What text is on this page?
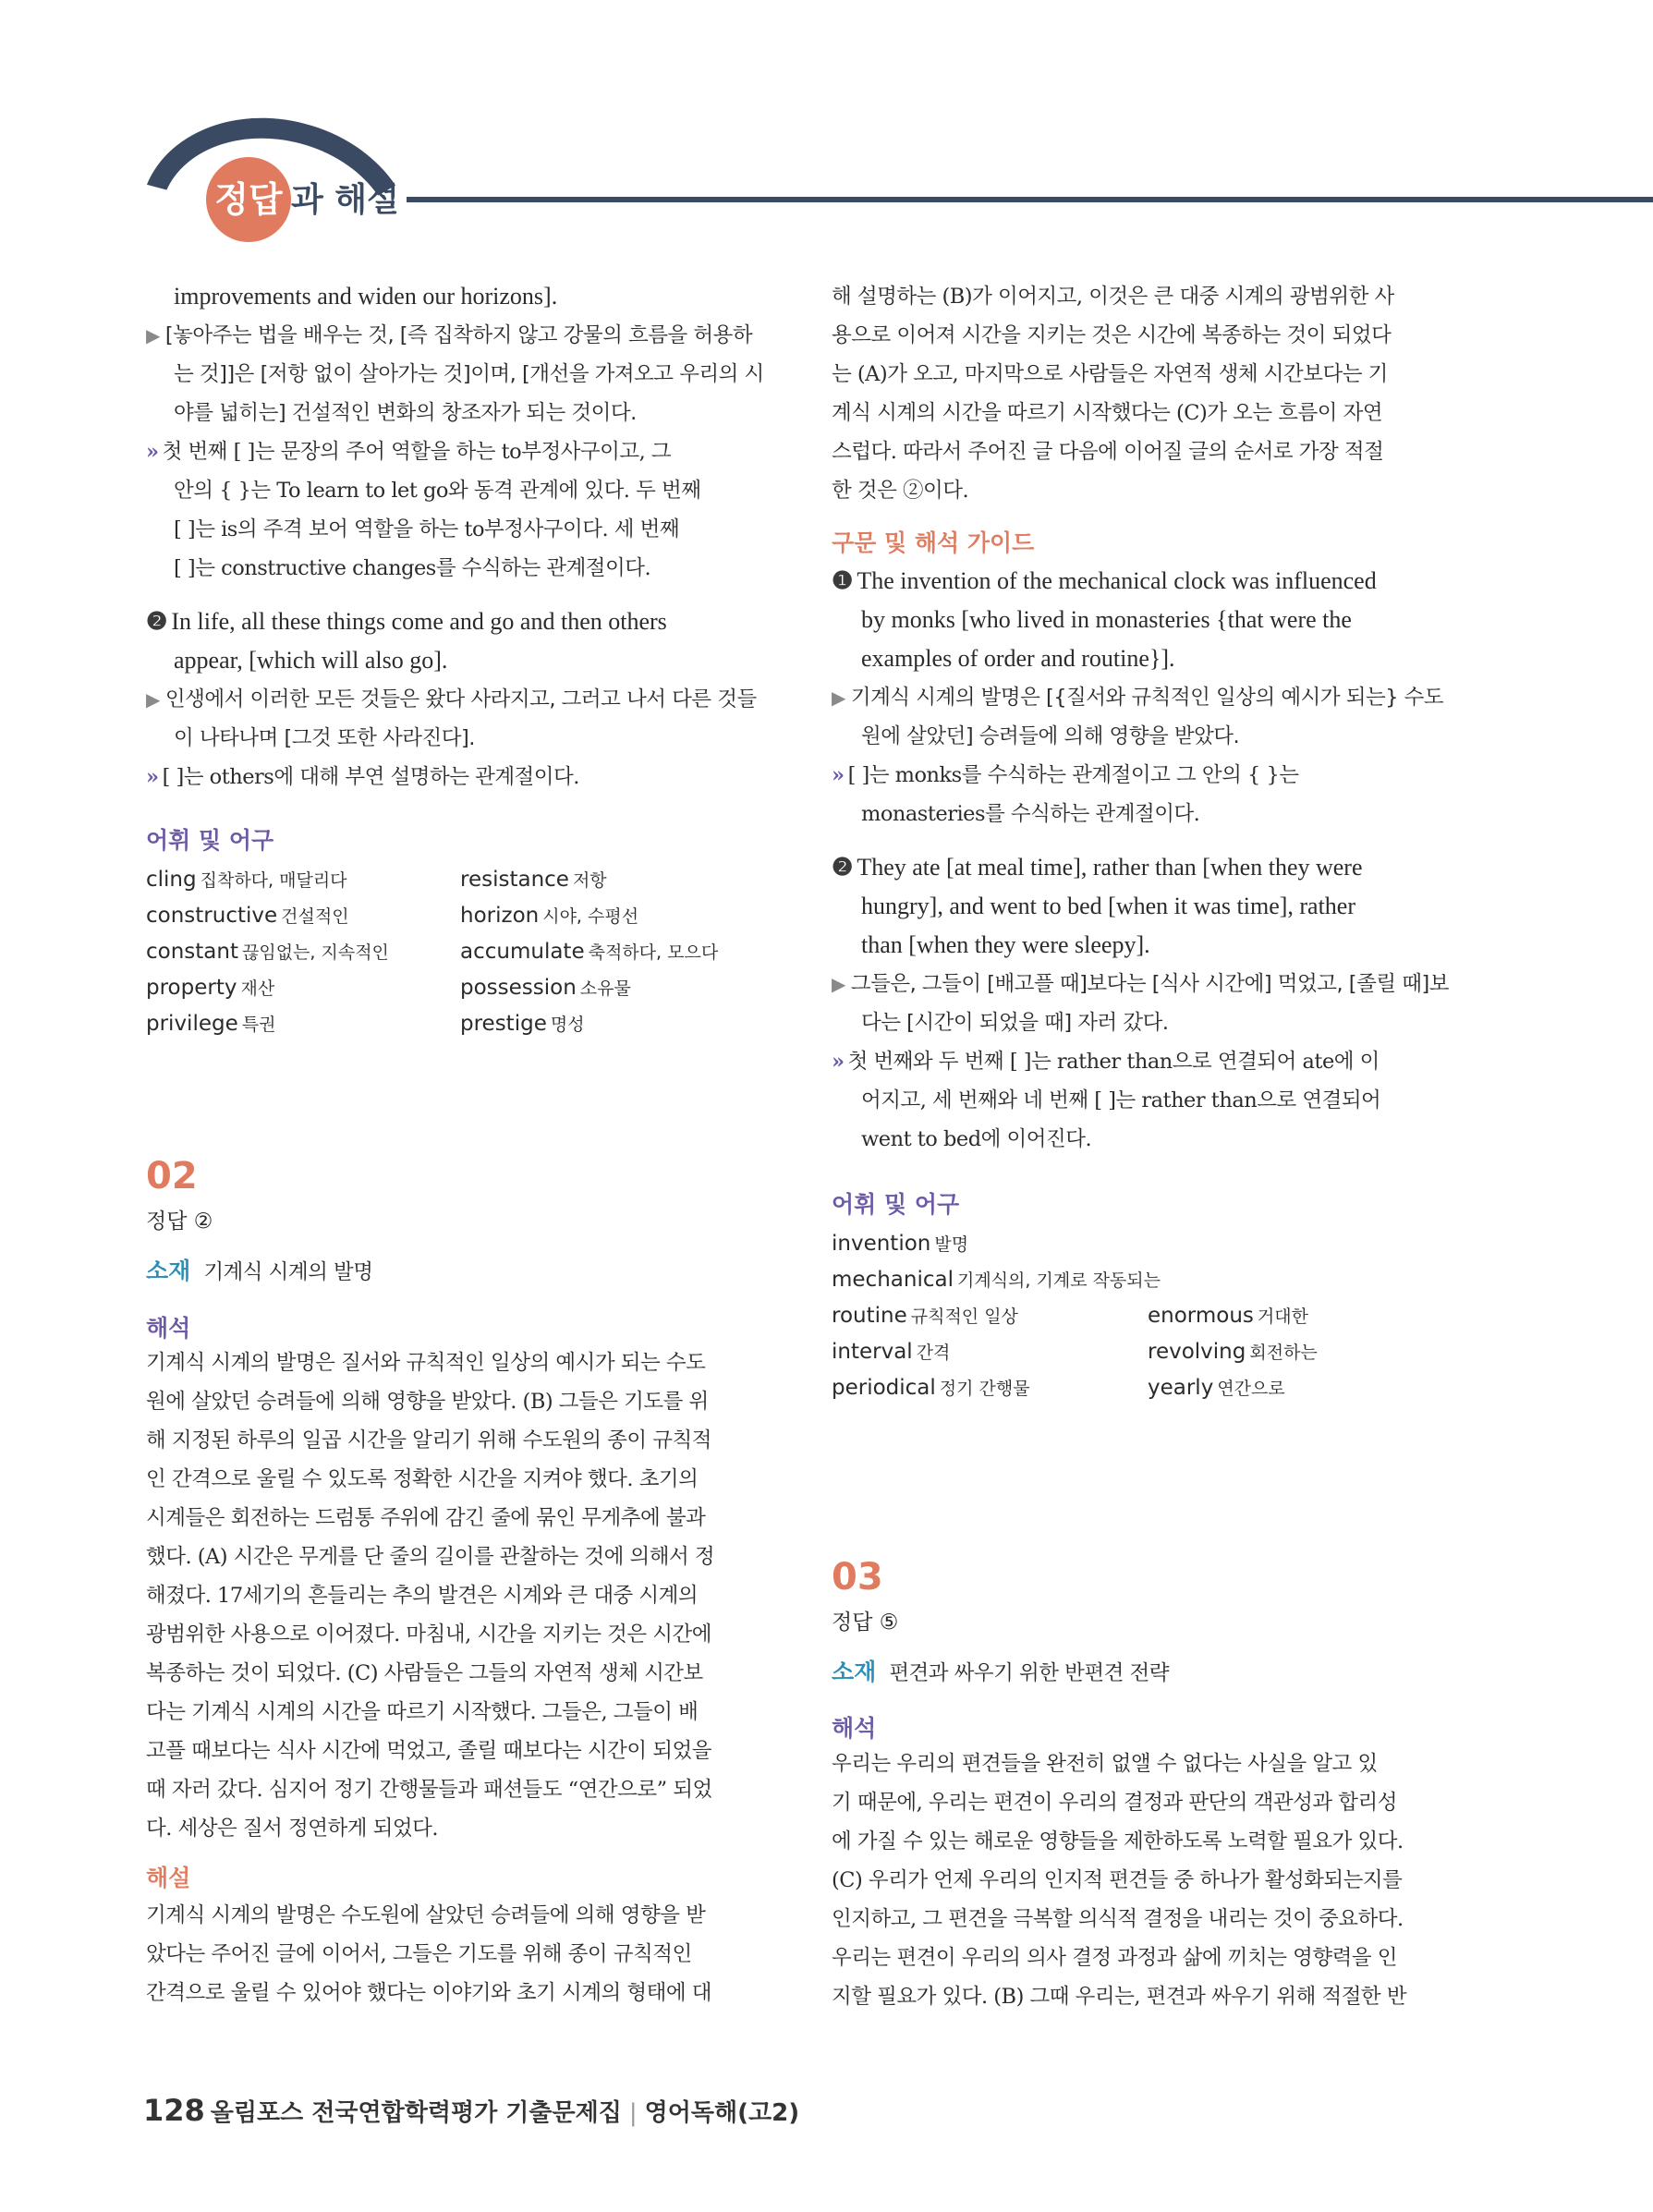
정답 과 해설
improvements and widen our horizons].
▶ [놓아주는 법을 배우는 것, [즉 집착하지 않고 강물의 흐름을 허용하
는 것]]은 [저항 없이 살아가는 것]이며, [개선을 가져오고 우리의 시
야를 넓히는] 건설적인 변화의 창조자가 되는 것이다.
» 첫 번째 [ ]는 문장의 주어 역할을 하는 to부정사구이고, 그
안의 { }는 To learn to let go와 동격 관계에 있다. 두 번째
[ ]는 is의 주격 보어 역할을 하는 to부정사구이다. 세 번째
[ ]는 constructive changes를 수식하는 관계절이다.
❷ In life, all these things come and go and then others
appear, [which will also go].
▶ 인생에서 이러한 모든 것들은 왔다 사라지고, 그러고 나서 다른 것들
이 나타나며 [그것 또한 사라진다].
» [ ]는 others에 대해 부연 설명하는 관계절이다.
어휘 및 어구
cling 집착하다, 매달리다
constructive 건설적인
constant 끊임없는, 지속적인
property 재산
privilege 특권
resistance 저항
horizon 시야, 수평선
accumulate 축적하다, 모으다
possession 소유물
prestige 명성
02
정답 ②
소재 기계식 시계의 발명
해석
기계식 시계의 발명은 질서와 규칙적인 일상의 예시가 되는 수도
원에 살았던 승려들에 의해 영향을 받았다. (B) 그들은 기도를 위
해 지정된 하루의 일곱 시간을 알리기 위해 수도원의 종이 규칙적
인 간격으로 울릴 수 있도록 정확한 시간을 지켜야 했다. 초기의
시계들은 회전하는 드럼통 주위에 감긴 줄에 묶인 무게추에 불과
했다. (A) 시간은 무게를 단 줄의 길이를 관찰하는 것에 의해서 정
해졌다. 17세기의 흔들리는 추의 발견은 시계와 큰 대중 시계의
광범위한 사용으로 이어졌다. 마침내, 시간을 지키는 것은 시간에
복종하는 것이 되었다. (C) 사람들은 그들의 자연적 생체 시간보
다는 기계식 시계의 시간을 따르기 시작했다. 그들은, 그들이 배
고플 때보다는 식사 시간에 먹었고, 졸릴 때보다는 시간이 되었을
때 자러 갔다. 심지어 정기 간행물들과 패션들도 “연간으로” 되었
다. 세상은 질서 정연하게 되었다.
해설
기계식 시계의 발명은 수도원에 살았던 승려들에 의해 영향을 받
았다는 주어진 글에 이어서, 그들은 기도를 위해 종이 규칙적인
간격으로 울릴 수 있어야 했다는 이야기와 초기 시계의 형태에 대
해 설명하는 (B)가 이어지고, 이것은 큰 대중 시계의 광범위한 사
용으로 이어져 시간을 지키는 것은 시간에 복종하는 것이 되었다
는 (A)가 오고, 마지막으로 사람들은 자연적 생체 시간보다는 기
계식 시계의 시간을 따르기 시작했다는 (C)가 오는 흐름이 자연
스럽다. 따라서 주어진 글 다음에 이어질 글의 순서로 가장 적절
한 것은 ②이다.
구문 및 해석 가이드
❶ The invention of the mechanical clock was influenced
by monks [who lived in monasteries {that were the
examples of order and routine}].
▶ 기계식 시계의 발명은 [{질서와 규칙적인 일상의 예시가 되는} 수도
원에 살았던] 승려들에 의해 영향을 받았다.
» [ ]는 monks를 수식하는 관계절이고 그 안의 { }는
monasteries를 수식하는 관계절이다.
❷ They ate [at meal time], rather than [when they were
hungry], and went to bed [when it was time], rather
than [when they were sleepy].
▶ 그들은, 그들이 [배고플 때]보다는 [식사 시간에] 먹었고, [졸릴 때]보
다는 [시간이 되었을 때] 자러 갔다.
» 첫 번째와 두 번째 [ ]는 rather than으로 연결되어 ate에 이
어지고, 세 번째와 네 번째 [ ]는 rather than으로 연결되어
went to bed에 이어진다.
어휘 및 어구
invention 발명
mechanical 기계식의, 기계로 작동되는
routine 규칙적인 일상
interval 간격
periodical 정기 간행물
enormous 거대한
revolving 회전하는
yearly 연간으로
03
정답 ⑤
소재 편견과 싸우기 위한 반편견 전략
해석
우리는 우리의 편견들을 완전히 없앨 수 없다는 사실을 알고 있
기 때문에, 우리는 편견이 우리의 결정과 판단의 객관성과 합리성
에 가질 수 있는 해로운 영향들을 제한하도록 노력할 필요가 있다.
(C) 우리가 언제 우리의 인지적 편견들 중 하나가 활성화되는지를
인지하고, 그 편견을 극복할 의식적 결정을 내리는 것이 중요하다.
우리는 편견이 우리의 의사 결정 과정과 삶에 끼치는 영향력을 인
지할 필요가 있다. (B) 그때 우리는, 편견과 싸우기 위해 적절한 반
128 올림포스 전국연합학력평가 기출문제집 | 영어독해(고2)
